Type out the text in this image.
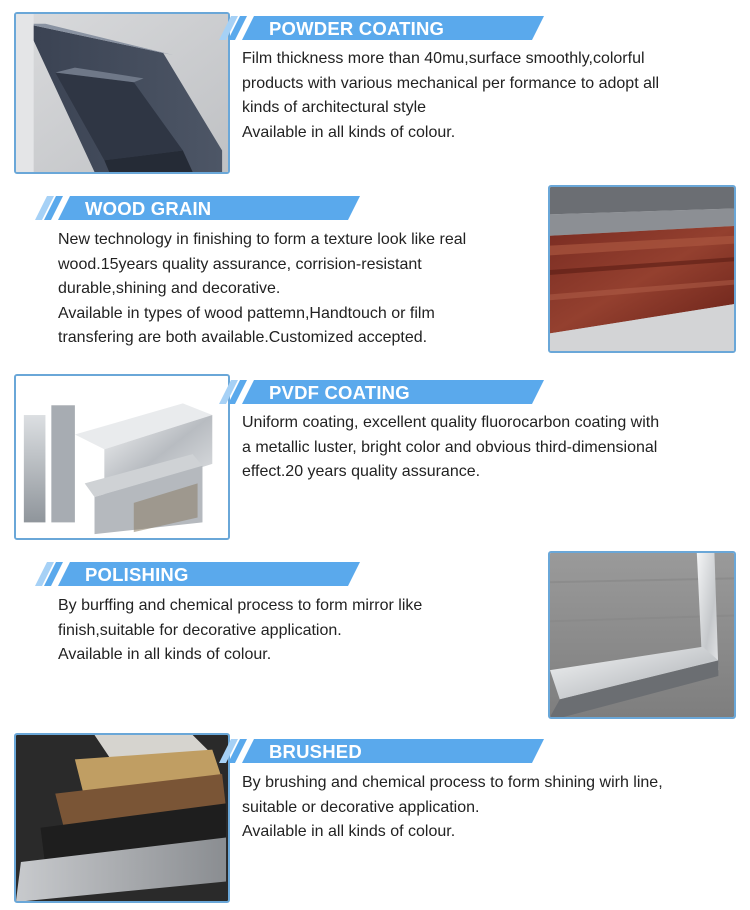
POWDER COATING

Film thickness more than 40mu,surface smoothly,colorful

products with various mechanical per formance to adopt all

kinds of architectural style

Available in all kinds of colour.

WOOD GRAIN

New technology in finishing to form a texture look like real

wood.15years quality assurance, corrision-resistant

durable,shining and decorative.

Available in types of wood pattemn,Handtouch or film

transfering are both available.Customized accepted.

PVDF COATING

Uniform coating, excellent quality fluorocarbon coating with

a metallic luster, bright color and obvious third-dimensional

effect.20 years quality assurance.

POLISHING

By burffing and chemical process to form mirror like

finish,suitable for decorative application.

Available in all kinds of colour.

BRUSHED

By brushing and chemical process to form shining wirh line,

suitable or decorative application.

Available in all kinds of colour.
